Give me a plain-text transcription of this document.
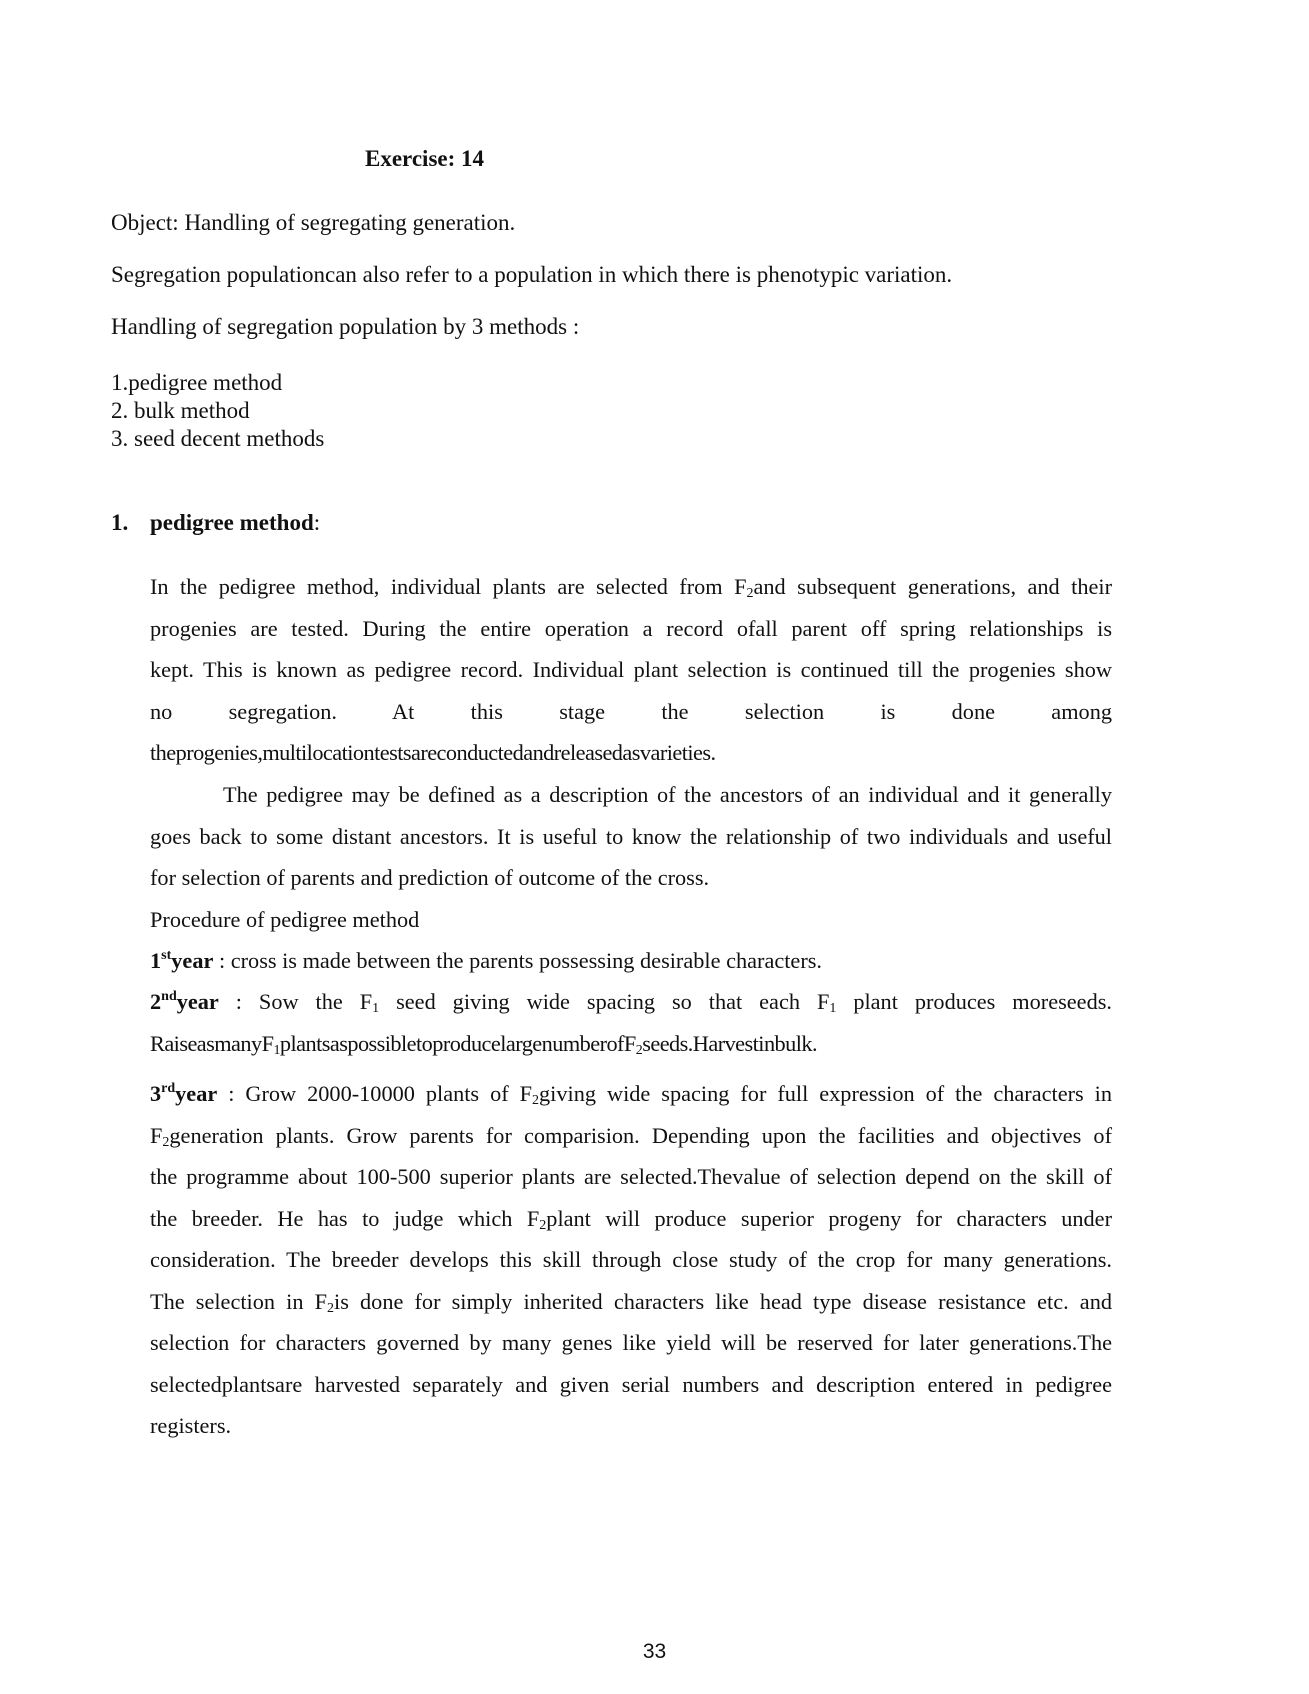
Exercise: 14
Object: Handling of segregating generation.
Segregation populationcan also refer to a population in which there is phenotypic variation.
Handling of segregation population by 3 methods :
1.pedigree method
2. bulk method
3. seed decent methods
1. pedigree method:
In the pedigree method, individual plants are selected from $F_2and$ subsequent generations, and their
progenies are tested. During the entire operation a record ofall parent off spring relationships is
kept. This is known as pedigree record. Individual plant selection is continued till the progenies show
no segregation. At this stage the selection is done among
theprogenies,multilocationtestsareconductedandreleasedasvarieties.
The pedigree may be defined as a description of the ancestors of an individual and it generally
goes back to some distant ancestors. It is useful to know the relationship of two individuals and useful
for selection of parents and prediction of outcome of the cross.
Procedure of pedigree method
1styear : cross is made between the parents possessing desirable characters.
2ndyear : Sow the $F_1$ seed giving wide spacing so that each $F_1$ plant produces moreseeds.
RaiseasmanyF$_1$plantsaspossibletoproducelargenumberofF$_2$seeds.Harvestinbulk.
3rdyear : Grow 2000-10000 plants of $F_2giving$ wide spacing for full expression of the characters in
$F_2generation$ plants. Grow parents for comparision. Depending upon the facilities and objectives of
the programme about 100-500 superior plants are selected.Thevalue of selection depend on the skill of
the breeder. He has to judge which $F_2plant$ will produce superior progeny for characters under
consideration. The breeder develops this skill through close study of the crop for many generations.
The selection in $F_2is$ done for simply inherited characters like head type disease resistance etc. and
selection for characters governed by many genes like yield will be reserved for later generations.The
selectedplantsare harvested separately and given serial numbers and description entered in pedigree
registers.
33
